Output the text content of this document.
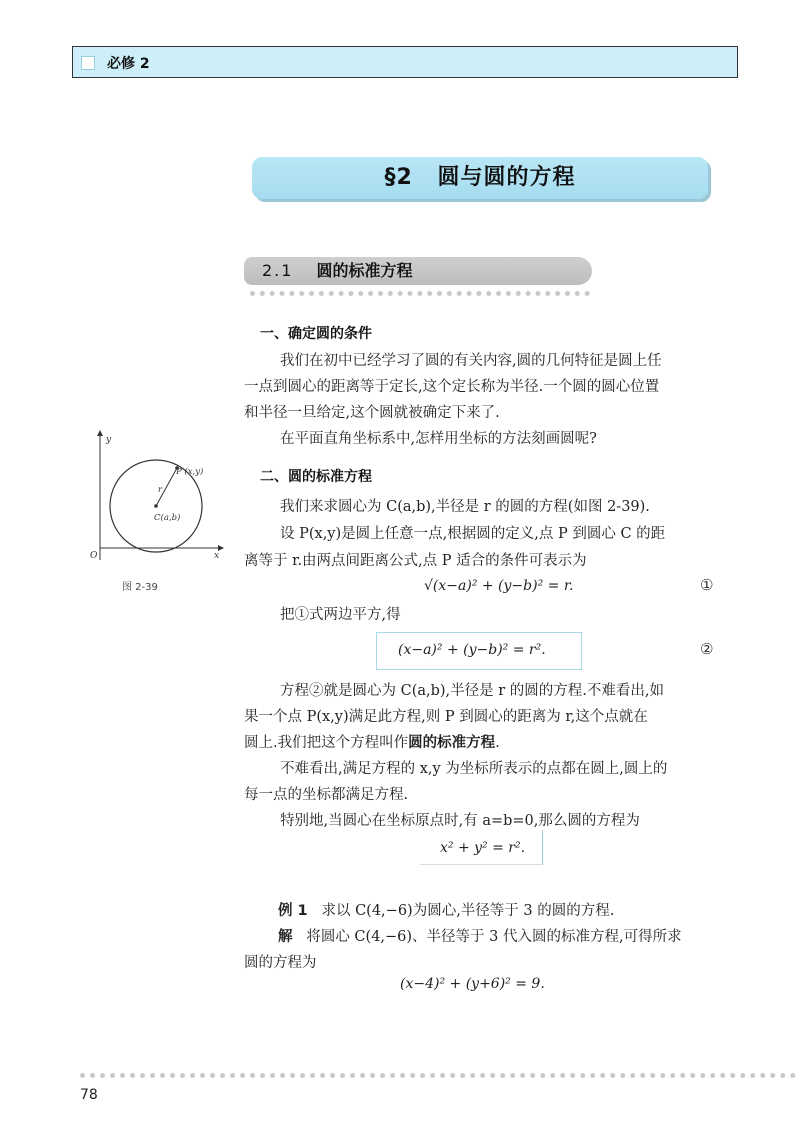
必修 2
§2 圆与圆的方程
2.1 圆的标准方程
一、确定圆的条件
我们在初中已经学习了圆的有关内容,圆的几何特征是圆上任
一点到圆心的距离等于定长,这个定长称为半径.一个圆的圆心位置
和半径一旦给定,这个圆就被确定下来了.
在平面直角坐标系中,怎样用坐标的方法刻画圆呢?
y
x
O
P (x,y)
r
C(a,b)
图 2-39
二、圆的标准方程
我们来求圆心为 C(a,b),半径是 r 的圆的方程(如图 2-39).
设 P(x,y)是圆上任意一点,根据圆的定义,点 P 到圆心 C 的距
离等于 r.由两点间距离公式,点 P 适合的条件可表示为
√(x−a)² + (y−b)² = r.	①
把①式两边平方,得
(x−a)² + (y−b)² = r².	②
方程②就是圆心为 C(a,b),半径是 r 的圆的方程.不难看出,如
果一个点 P(x,y)满足此方程,则 P 到圆心的距离为 r,这个点就在
圆上.我们把这个方程叫作圆的标准方程.
不难看出,满足方程的 x,y 为坐标所表示的点都在圆上,圆上的
每一点的坐标都满足方程.
特别地,当圆心在坐标原点时,有 a=b=0,那么圆的方程为
x² + y² = r².
例 1 求以 C(4,−6)为圆心,半径等于 3 的圆的方程.
解 将圆心 C(4,−6)、半径等于 3 代入圆的标准方程,可得所求
圆的方程为
(x−4)² + (y+6)² = 9.
78
